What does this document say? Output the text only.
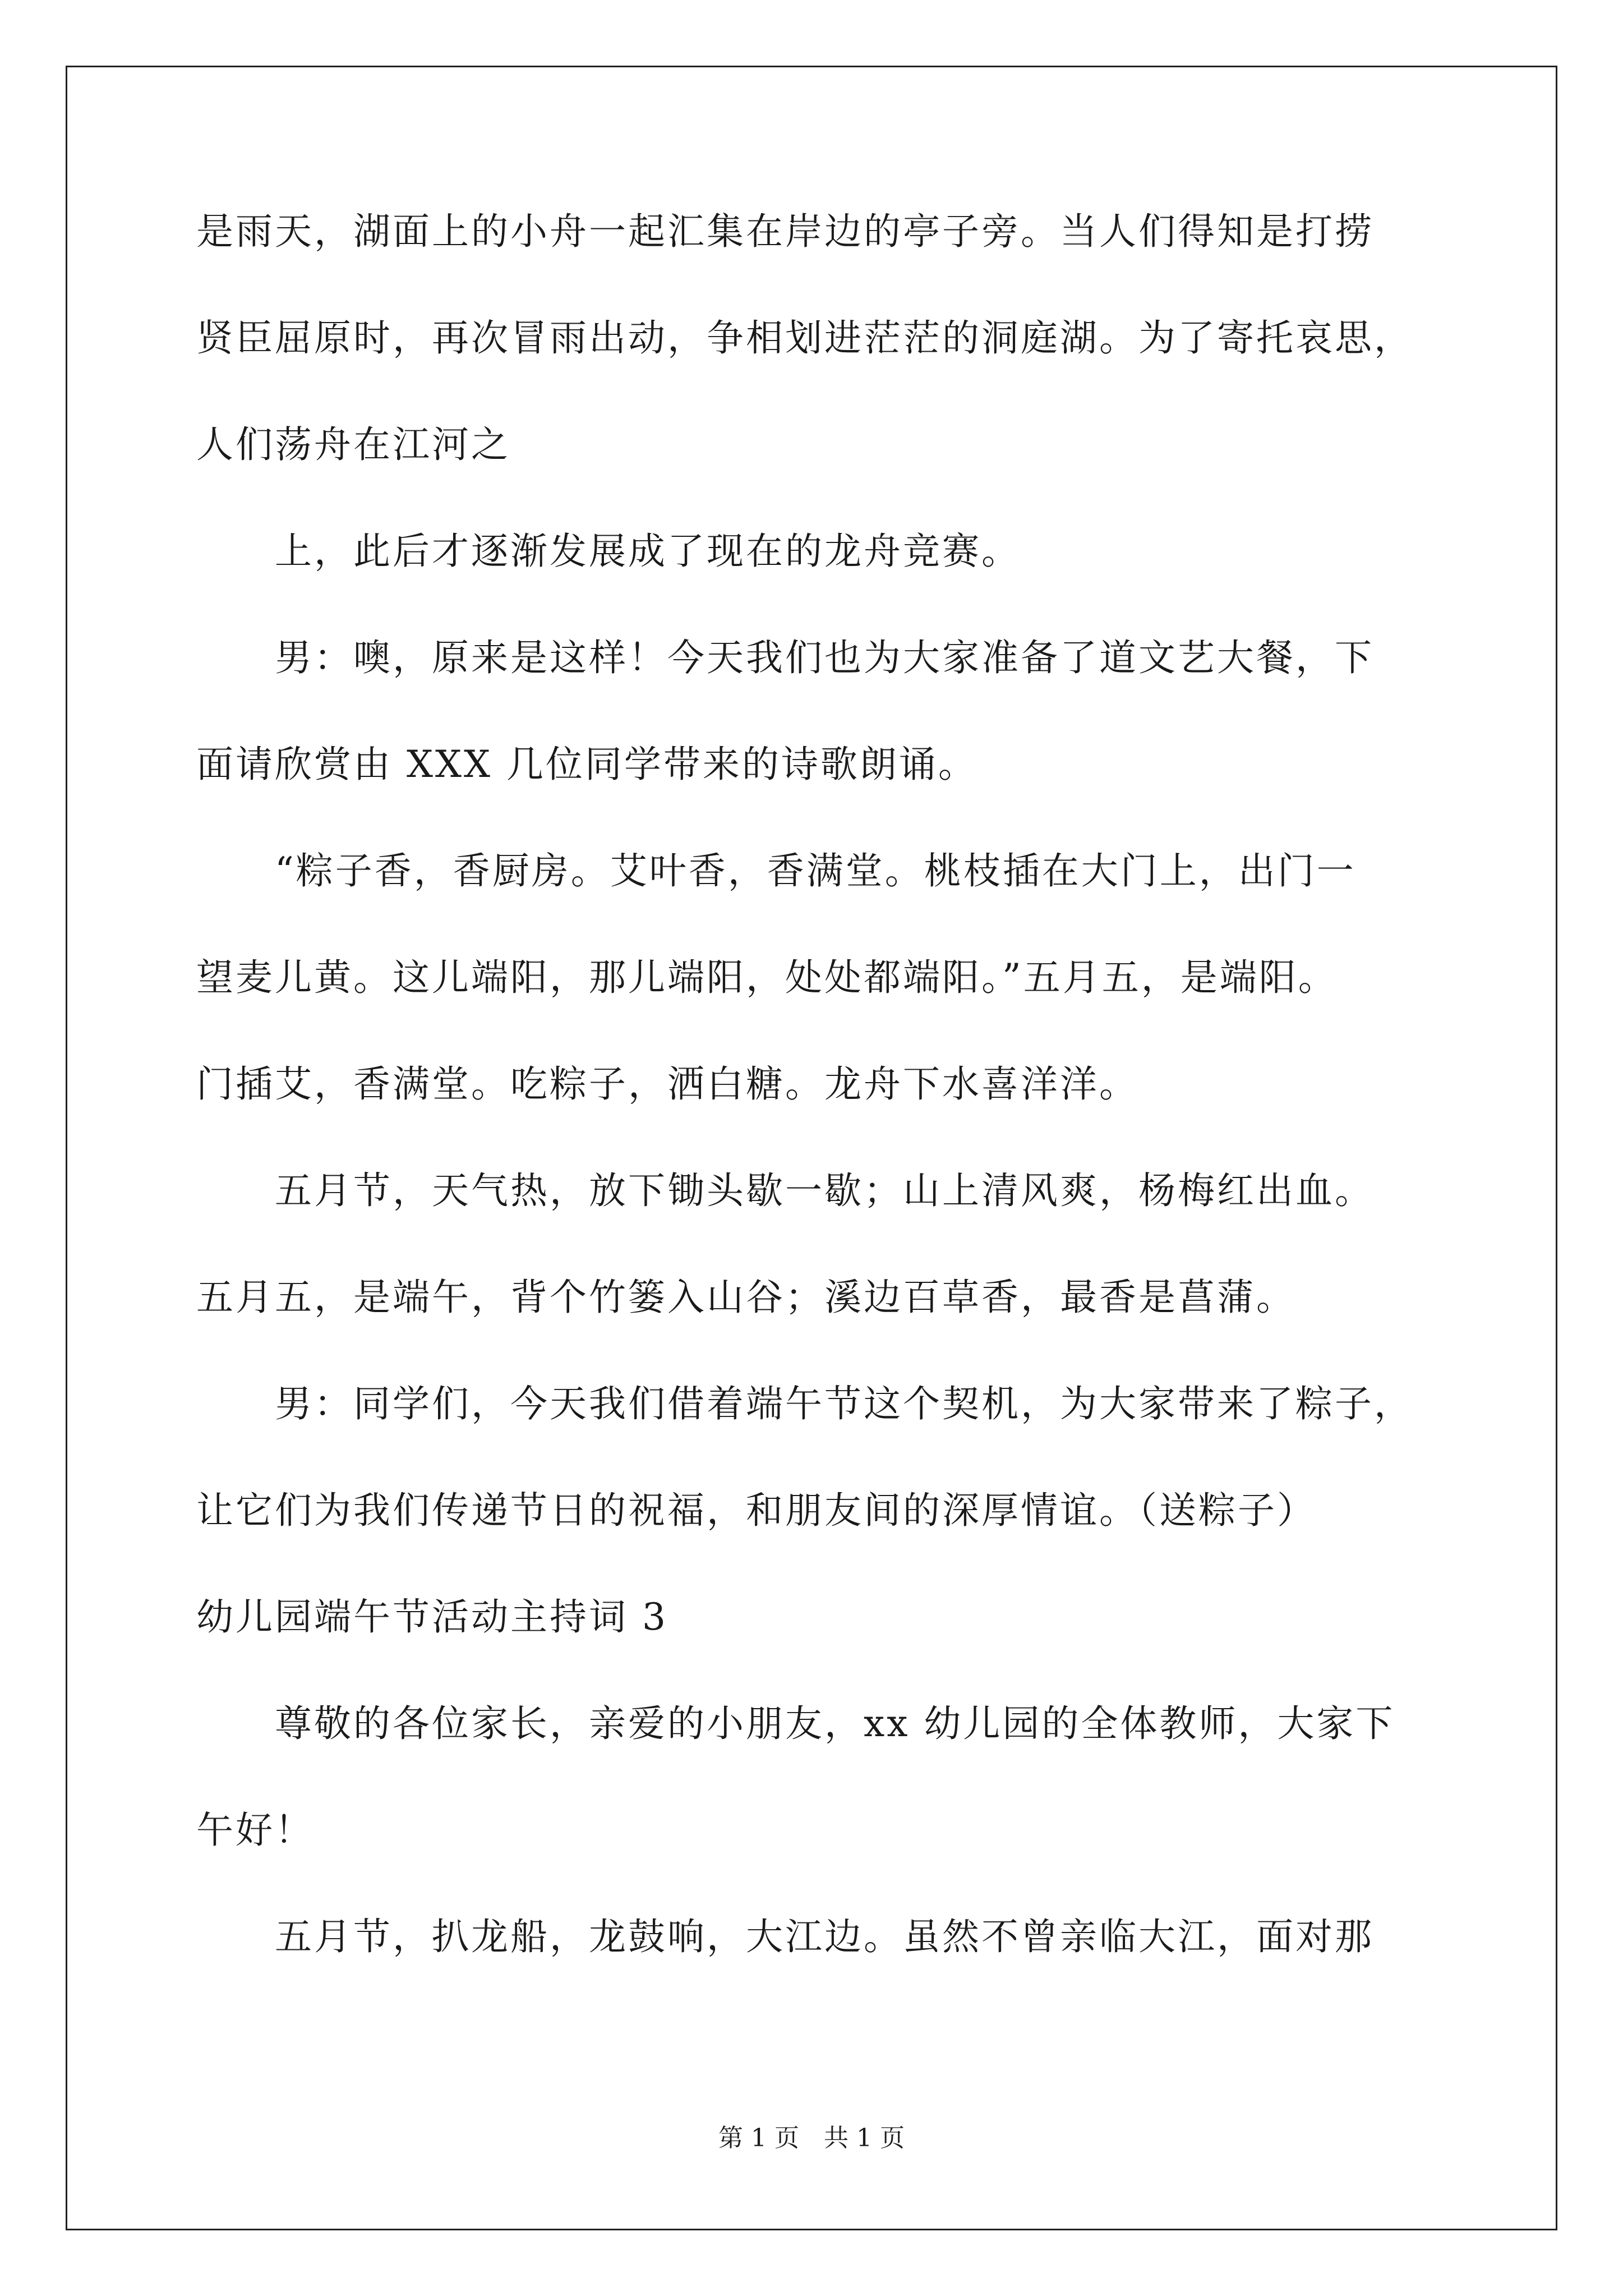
是雨天，湖面上的小舟一起汇集在岸边的亭子旁。当人们得知是打捞
贤臣屈原时，再次冒雨出动，争相划进茫茫的洞庭湖。为了寄托哀思，
人们荡舟在江河之
　　上，此后才逐渐发展成了现在的龙舟竞赛。
　　男：噢，原来是这样！今天我们也为大家准备了道文艺大餐，下
面请欣赏由 XXX 几位同学带来的诗歌朗诵。
　　“粽子香，香厨房。艾叶香，香满堂。桃枝插在大门上，出门一
望麦儿黄。这儿端阳，那儿端阳，处处都端阳。”五月五，是端阳。
门插艾，香满堂。吃粽子，洒白糖。龙舟下水喜洋洋。
　　五月节，天气热，放下锄头歇一歇；山上清风爽，杨梅红出血。
五月五，是端午，背个竹篓入山谷；溪边百草香，最香是菖蒲。
　　男：同学们，今天我们借着端午节这个契机，为大家带来了粽子，
让它们为我们传递节日的祝福，和朋友间的深厚情谊。（送粽子）
幼儿园端午节活动主持词 3
　　尊敬的各位家长，亲爱的小朋友，xx 幼儿园的全体教师，大家下
午好！
　　五月节，扒龙船，龙鼓响，大江边。虽然不曾亲临大江，面对那
第 1 页　共 1 页
